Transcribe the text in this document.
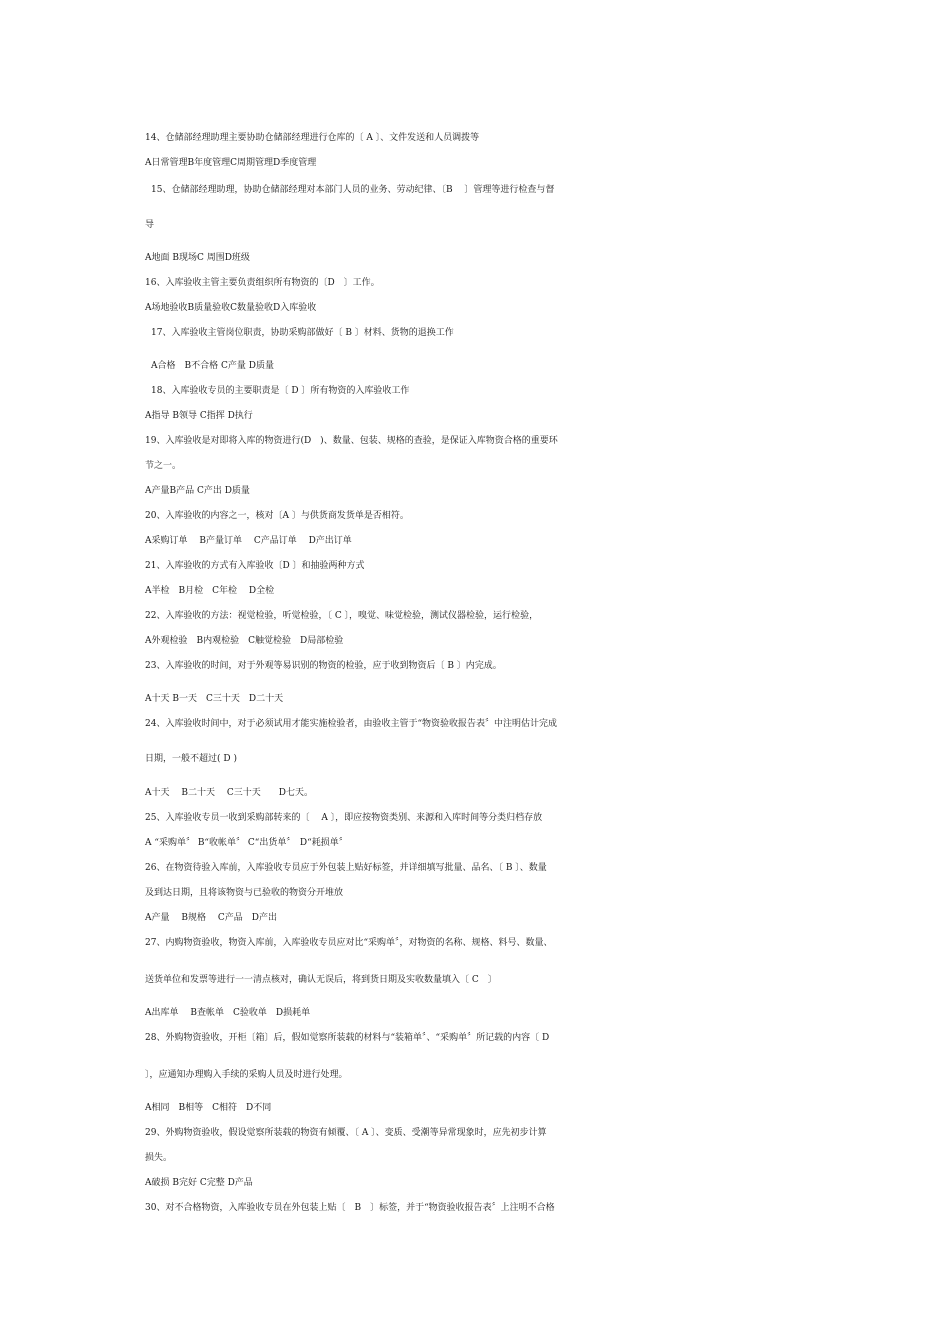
14、仓储部经理助理主要协助仓储部经理进行仓库的〔 A 〕、文件发送和人员调拨等
A日常管理B年度管理C周期管理D季度管理
15、仓储部经理助理，协助仓储部经理对本部门人员的业务、劳动纪律、〔B　 〕管理等进行检查与督
导
A地面 B现场C 周围D班级
16、入库验收主管主要负责组织所有物资的〔D　〕工作。
A场地验收B质量验收C数量验收D入库验收
17、入库验收主管岗位职责，协助采购部做好〔 B 〕材料、货物的退换工作
A合格　B不合格 C产量 D质量
18、入库验收专员的主要职责是〔 D 〕所有物资的入库验收工作
A指导 B领导 C指挥 D执行
19、入库验收是对即将入库的物资进行(D　)、数量、包装、规格的查验，是保证入库物资合格的重要环
节之一。
A产量B产品 C产出 D质量
20、入库验收的内容之一，核对〔A 〕与供货商发货单是否相符。
A采购订单　 B产量订单　 C产品订单　 D产出订单
21、入库验收的方式有入库验收〔D 〕和抽验两种方式
A半检　B月检　C年检　 D全检
22、入库验收的方法：视觉检验，听觉检验，〔 C 〕，嗅觉、味觉检验，测试仪器检验，运行检验，
A外观检验　B内观检验　C触觉检验　D局部检验
23、入库验收的时间，对于外观等易识别的物资的检验，应于收到物资后〔 B 〕内完成。
A十天 B一天　C三十天　D二十天
24、入库验收时间中，对于必须试用才能实施检验者，由验收主管于“物资验收报告表〞中注明估计完成
日期，一般不超过( D )
A十天　 B二十天　 C三十天　　D七天。
25、入库验收专员一收到采购部转来的〔　 A 〕，即应按物资类别、来源和入库时间等分类归档存放
A “采购单〞 B“收帐单〞 C“出货单〞　D“耗损单〞
26、在物资待验入库前，入库验收专员应于外包装上贴好标签，并详细填写批量、品名、〔 B 〕、数量
及到达日期，且将该物资与已验收的物资分开堆放
A产量　 B规格　 C产品　D产出
27、内购物资验收，物资入库前，入库验收专员应对比“采购单〞，对物资的名称、规格、料号、数量、
送货单位和发票等进行一一清点核对，确认无误后，将到货日期及实收数量填入〔 C　〕
A出库单　 B查帐单　C验收单　D损耗单
28、外购物资验收，开柜〔箱〕后，假如觉察所装载的材料与“装箱单〞、“采购单〞所记载的内容〔 D
〕，应通知办理购入手续的采购人员及时进行处理。
A相同　B相等　C相符　D不同
29、外购物资验收，假设觉察所装载的物资有倾覆、〔 A 〕、变质、受潮等异常现象时，应先初步计算
损失。
A破损 B完好 C完整 D产品
30、对不合格物资，入库验收专员在外包装上贴〔　B　〕标签，并于“物资验收报告表〞上注明不合格
